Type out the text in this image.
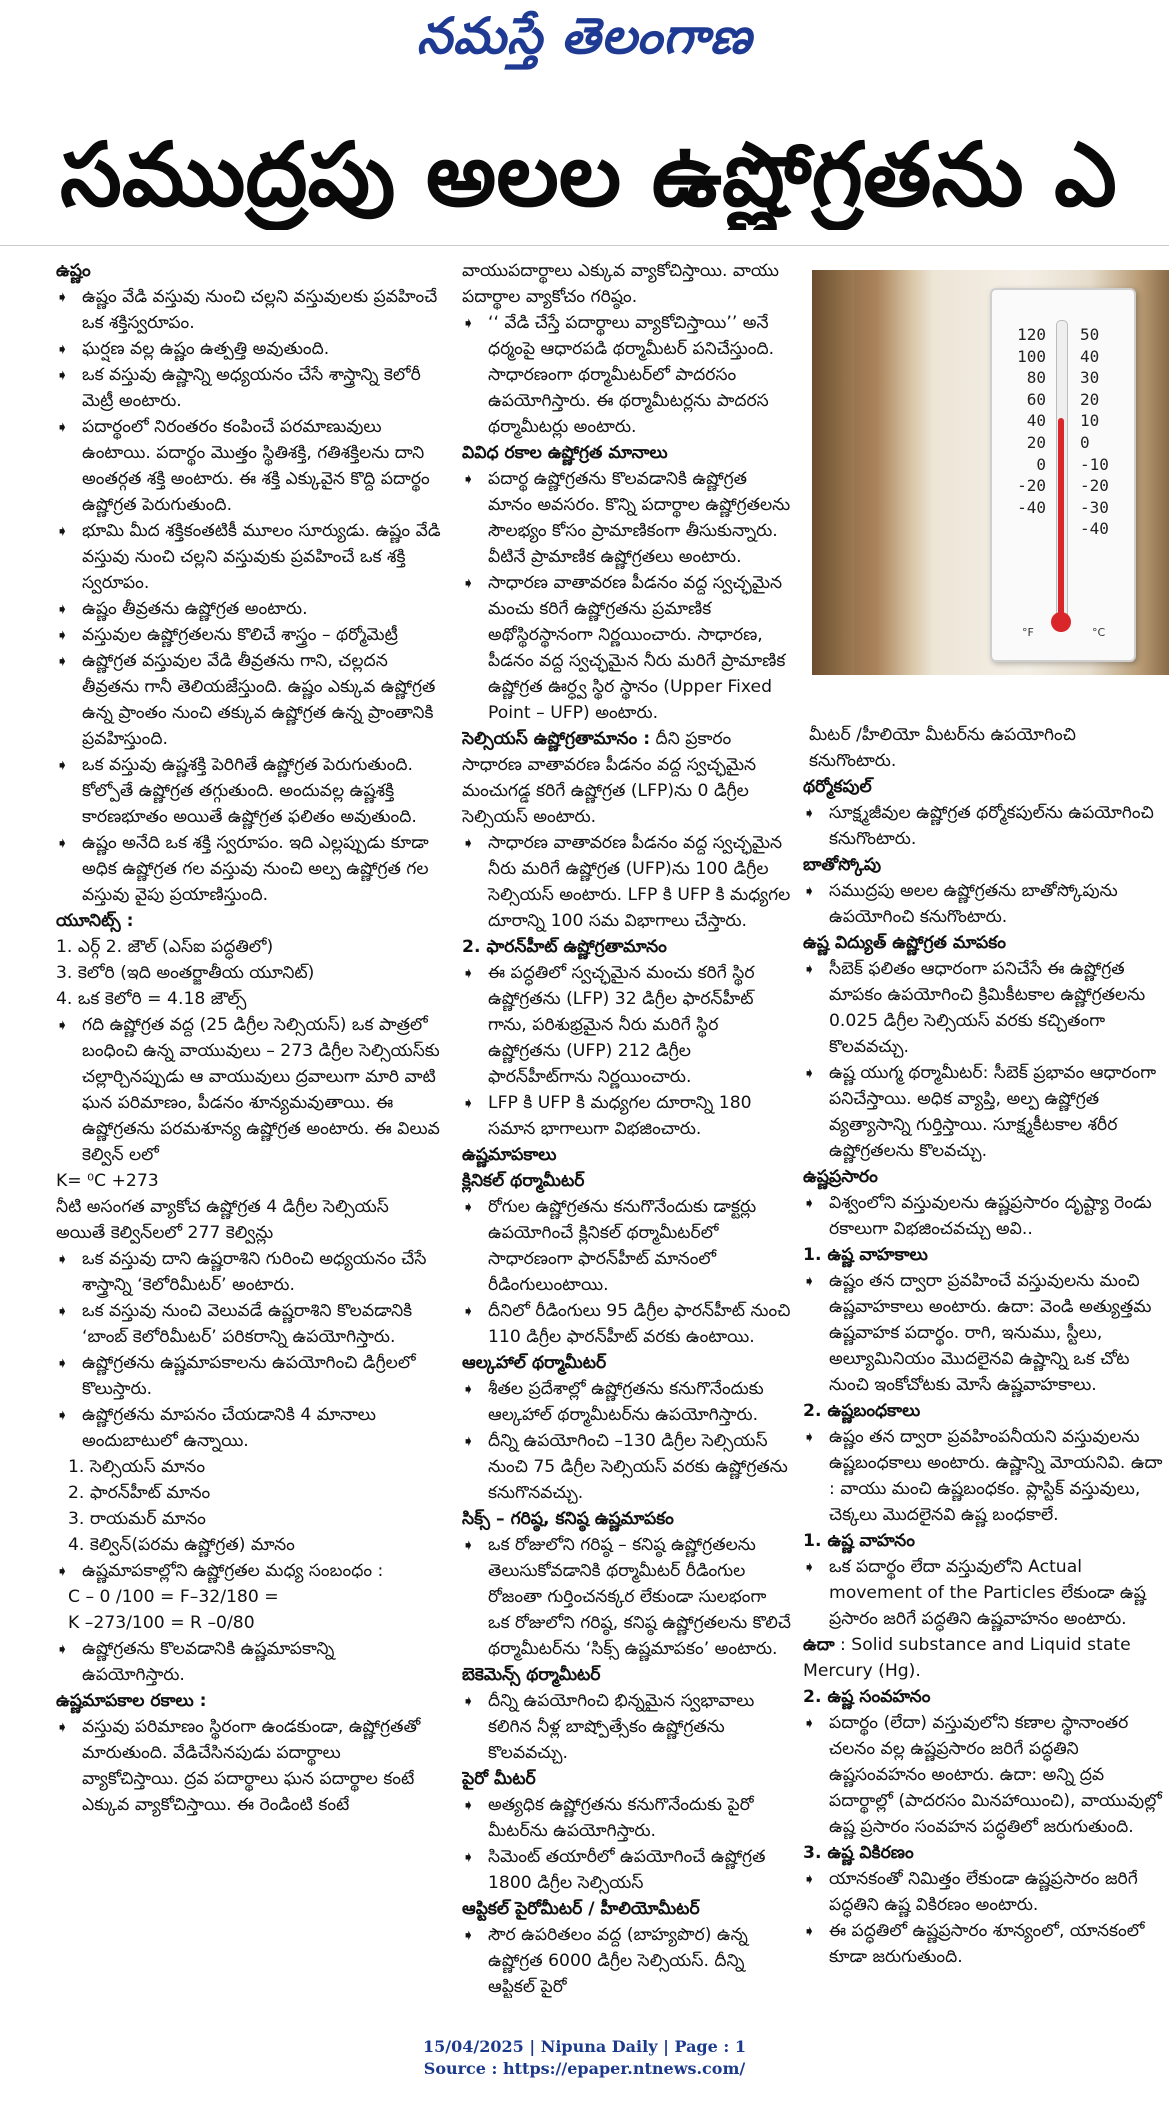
నమస్తే తెలంగాణ
సముద్రపు అలల ఉష్ణోగ్రతను ఎ
ఉష్ణం
➧ ఉష్ణం వేడి వస్తువు నుంచి చల్లని వస్తువులకు ప్రవహించే ఒక శక్తిస్వరూపం.
➧ ఘర్షణ వల్ల ఉష్ణం ఉత్పత్తి అవుతుంది.
➧ ఒక వస్తువు ఉష్ణాన్ని అధ్యయనం చేసే శాస్త్రాన్ని కెలోరీ మెట్రీ అంటారు.
➧ పదార్థంలో నిరంతరం కంపించే పరమాణువులు ఉంటాయి. పదార్థం మొత్తం స్థితిశక్తి, గతిశక్తిలను దాని అంతర్గత శక్తి అంటారు. ఈ శక్తి ఎక్కువైన కొద్ది పదార్థం ఉష్ణోగ్రత పెరుగుతుంది.
➧ భూమి మీద శక్తికంతటికీ మూలం సూర్యుడు. ఉష్ణం వేడి వస్తువు నుంచి చల్లని వస్తువుకు ప్రవహించే ఒక శక్తి స్వరూపం.
➧ ఉష్ణం తీవ్రతను ఉష్ణోగ్రత అంటారు.
➧ వస్తువుల ఉష్ణోగ్రతలను కొలిచే శాస్త్రం – థర్మోమెట్రీ
➧ ఉష్ణోగ్రత వస్తువుల వేడి తీవ్రతను గాని, చల్లదన తీవ్రతను గానీ తెలియజేస్తుంది. ఉష్ణం ఎక్కువ ఉష్ణోగ్రత ఉన్న ప్రాంతం నుంచి తక్కువ ఉష్ణోగ్రత ఉన్న ప్రాంతానికి ప్రవహిస్తుంది.
➧ ఒక వస్తువు ఉష్ణశక్తి పెరిగితే ఉష్ణోగ్రత పెరుగుతుంది. కోల్పోతే ఉష్ణోగ్రత తగ్గుతుంది. అందువల్ల ఉష్ణశక్తి కారణభూతం అయితే ఉష్ణోగ్రత ఫలితం అవుతుంది.
➧ ఉష్ణం అనేది ఒక శక్తి స్వరూపం. ఇది ఎల్లప్పుడు కూడా అధిక ఉష్ణోగ్రత గల వస్తువు నుంచి అల్ప ఉష్ణోగ్రత గల వస్తువు వైపు ప్రయాణిస్తుంది.
యూనిట్స్ :
1. ఎర్గ్ 2. జౌల్ (ఎస్ఐ పద్ధతిలో)
3. కెలోరి (ఇది అంతర్జాతీయ యూనిట్)
4. ఒక కెలోరి = 4.18 జౌల్స్
➧ గది ఉష్ణోగ్రత వద్ద (25 డిగ్రీల సెల్సియస్) ఒక పాత్రలో బంధించి ఉన్న వాయువులు – 273 డిగ్రీల సెల్సియస్‌కు చల్లార్చినప్పుడు ఆ వాయువులు ద్రవాలుగా మారి వాటి ఘన పరిమాణం, పీడనం శూన్యమవుతాయి. ఈ ఉష్ణోగ్రతను పరమశూన్య ఉష్ణోగ్రత అంటారు. ఈ విలువ కెల్విన్ లలో
K= ⁰C +273
నీటి అసంగత వ్యాకోచ ఉష్ణోగ్రత 4 డిగ్రీల సెల్సియస్ అయితే కెల్విన్‌లలో 277 కెల్విన్లు
➧ ఒక వస్తువు దాని ఉష్ణరాశిని గురించి అధ్యయనం చేసే శాస్త్రాన్ని ‘కెలోరిమీటర్’ అంటారు.
➧ ఒక వస్తువు నుంచి వెలువడే ఉష్ణరాశిని కొలవడానికి ‘బాంబ్ కెలోరిమీటర్’ పరికరాన్ని ఉపయోగిస్తారు.
➧ ఉష్ణోగ్రతను ఉష్ణమాపకాలను ఉపయోగించి డిగ్రీలలో కొలుస్తారు.
➧ ఉష్ణోగ్రతను మాపనం చేయడానికి 4 మానాలు అందుబాటులో ఉన్నాయి.
1. సెల్సియస్ మానం
2. ఫారన్‌హీట్ మానం
3. రాయమర్ మానం
4. కెల్విన్(పరమ ఉష్ణోగ్రత) మానం
➧ ఉష్ణమాపకాల్లోని ఉష్ణోగ్రతల మధ్య సంబంధం :
C – 0 /100 = F–32/180 =
K –273/100 = R –0/80
➧ ఉష్ణోగ్రతను కొలవడానికి ఉష్ణమాపకాన్ని ఉపయోగిస్తారు.
ఉష్ణమాపకాల రకాలు :
➧ వస్తువు పరిమాణం స్థిరంగా ఉండకుండా, ఉష్ణోగ్రతతో మారుతుంది. వేడిచేసినపుడు పదార్థాలు వ్యాకోచిస్తాయి. ద్రవ పదార్థాలు ఘన పదార్థాల కంటే ఎక్కువ వ్యాకోచిస్తాయి. ఈ రెండింటి కంటే
వాయుపదార్థాలు ఎక్కువ వ్యాకోచిస్తాయి. వాయు పదార్థాల వ్యాకోచం గరిష్ఠం.
➧ ‘‘ వేడి చేస్తే పదార్థాలు వ్యాకోచిస్తాయి’’ అనే ధర్మంపై ఆధారపడి థర్మామీటర్ పనిచేస్తుంది. సాధారణంగా థర్మామీటర్‌లో పాదరసం ఉపయోగిస్తారు. ఈ థర్మామీటర్లను పాదరస థర్మామీటర్లు అంటారు.
వివిధ రకాల ఉష్ణోగ్రత మానాలు
➧ పదార్థ ఉష్ణోగ్రతను కొలవడానికి ఉష్ణోగ్రత మానం అవసరం. కొన్ని పదార్థాల ఉష్ణోగ్రతలను సౌలభ్యం కోసం ప్రామాణికంగా తీసుకున్నారు. వీటినే ప్రామాణిక ఉష్ణోగ్రతలు అంటారు.
➧ సాధారణ వాతావరణ పీడనం వద్ద స్వచ్ఛమైన మంచు కరిగే ఉష్ణోగ్రతను ప్రమాణిక అథోస్థిరస్థానంగా నిర్ణయించారు. సాధారణ, పీడనం వద్ద స్వచ్ఛమైన నీరు మరిగే ప్రామాణిక ఉష్ణోగ్రత ఊర్ధ్వ స్థిర స్థానం (Upper Fixed Point – UFP) అంటారు.
సెల్సియస్ ఉష్ణోగ్రతామానం : దీని ప్రకారం సాధారణ వాతావరణ పీడనం వద్ద స్వచ్ఛమైన మంచుగడ్డ కరిగే ఉష్ణోగ్రత (LFP)ను 0 డిగ్రీల సెల్సియస్ అంటారు.
➧ సాధారణ వాతావరణ పీడనం వద్ద స్వచ్ఛమైన నీరు మరిగే ఉష్ణోగ్రత (UFP)ను 100 డిగ్రీల సెల్సియస్ అంటారు. LFP కి UFP కి మధ్యగల దూరాన్ని 100 సమ విభాగాలు చేస్తారు.
2. ఫారన్‌హీట్ ఉష్ణోగ్రతామానం
➧ ఈ పద్ధతిలో స్వచ్ఛమైన మంచు కరిగే స్థిర ఉష్ణోగ్రతను (LFP) 32 డిగ్రీల ఫారన్‌హీట్ గాను, పరిశుభ్రమైన నీరు మరిగే స్థిర ఉష్ణోగ్రతను (UFP) 212 డిగ్రీల ఫారన్‌హీట్‌గాను నిర్ణయించారు.
➧ LFP కి UFP కి మధ్యగల దూరాన్ని 180 సమాన భాగాలుగా విభజించారు.
ఉష్ణమాపకాలు
క్లినికల్ థర్మామీటర్
➧ రోగుల ఉష్ణోగ్రతను కనుగొనేందుకు డాక్టర్లు ఉపయోగించే క్లినికల్ థర్మామీటర్‌లో సాధారణంగా ఫారన్‌హీట్ మానంలో రీడింగులుంటాయి.
➧ దీనిలో రీడింగులు 95 డిగ్రీల ఫారన్‌హీట్ నుంచి 110 డిగ్రీల ఫారన్‌హీట్ వరకు ఉంటాయి.
ఆల్కహాల్ థర్మామీటర్
➧ శీతల ప్రదేశాల్లో ఉష్ణోగ్రతను కనుగొనేందుకు ఆల్కహాల్ థర్మామీటర్‌ను ఉపయోగిస్తారు.
➧ దీన్ని ఉపయోగించి –130 డిగ్రీల సెల్సియస్ నుంచి 75 డిగ్రీల సెల్సియస్ వరకు ఉష్ణోగ్రతను కనుగొనవచ్చు.
సిక్స్ – గరిష్ఠ, కనిష్ఠ ఉష్ణమాపకం
➧ ఒక రోజులోని గరిష్ఠ – కనిష్ఠ ఉష్ణోగ్రతలను తెలుసుకోవడానికి థర్మామీటర్ రీడింగుల రోజంతా గుర్తించనక్కర లేకుండా సులభంగా ఒక రోజులోని గరిష్ఠ, కనిష్ఠ ఉష్ణోగ్రతలను కొలిచే థర్మామీటర్‌ను ‘సిక్స్ ఉష్ణమాపకం’ అంటారు.
బెకెమెన్స్ థర్మామీటర్
➧ దీన్ని ఉపయోగించి భిన్నమైన స్వభావాలు కలిగిన నీళ్ల బాష్పోత్సేకం ఉష్ణోగ్రతను కొలవవచ్చు.
పైరో మీటర్
➧ అత్యధిక ఉష్ణోగ్రతను కనుగొనేందుకు పైరో మీటర్‌ను ఉపయోగిస్తారు.
➧ సిమెంట్ తయారీలో ఉపయోగించే ఉష్ణోగ్రత 1800 డిగ్రీల సెల్సియస్
ఆప్టికల్ పైరోమీటర్ / హీలియోమీటర్
➧ సౌర ఉపరితలం వద్ద (బాహ్యపొర) ఉన్న ఉష్ణోగ్రత 6000 డిగ్రీల సెల్సియస్. దీన్ని ఆప్టికల్ పైరో
120
100
80
60
40
20
0
-20
-40
50
40
30
20
10
0
-10
-20
-30
-40
°F	°C
మీటర్ /హీలియో మీటర్‌ను ఉపయోగించి కనుగొంటారు.
థర్మోకపుల్
➧ సూక్ష్మజీవుల ఉష్ణోగ్రత థర్మోకపుల్‌ను ఉపయోగించి కనుగొంటారు.
బాతోస్కోపు
➧ సముద్రపు అలల ఉష్ణోగ్రతను బాతోస్కోపును ఉపయోగించి కనుగొంటారు.
ఉష్ణ విద్యుత్ ఉష్ణోగ్రత మాపకం
➧ సీబెక్ ఫలితం ఆధారంగా పనిచేసే ఈ ఉష్ణోగ్రత మాపకం ఉపయోగించి క్రిమికీటకాల ఉష్ణోగ్రతలను 0.025 డిగ్రీల సెల్సియస్ వరకు కచ్చితంగా కొలవవచ్చు.
➧ ఉష్ణ యుగ్మ థర్మామీటర్: సీబెక్ ప్రభావం ఆధారంగా పనిచేస్తాయి. అధిక వ్యాప్తి, అల్ప ఉష్ణోగ్రత వ్యత్యాసాన్ని గుర్తిస్తాయి. సూక్ష్మకీటకాల శరీర ఉష్ణోగ్రతలను కొలవచ్చు.
ఉష్ణప్రసారం
➧ విశ్వంలోని వస్తువులను ఉష్ణప్రసారం దృష్ట్యా రెండు రకాలుగా విభజించవచ్చు అవి..
1. ఉష్ణ వాహకాలు
➧ ఉష్ణం తన ద్వారా ప్రవహించే వస్తువులను మంచి ఉష్ణవాహకాలు అంటారు. ఉదా: వెండి అత్యుత్తమ ఉష్ణవాహక పదార్థం. రాగి, ఇనుము, స్టీలు, అల్యూమినియం మొదలైనవి ఉష్ణాన్ని ఒక చోట నుంచి ఇంకోచోటకు మోసే ఉష్ణవాహకాలు.
2. ఉష్ణబంధకాలు
➧ ఉష్ణం తన ద్వారా ప్రవహింపనీయని వస్తువులను ఉష్ణబంధకాలు అంటారు. ఉష్ణాన్ని మోయనివి. ఉదా : వాయు మంచి ఉష్ణబంధకం. ప్లాస్టిక్ వస్తువులు, చెక్కలు మొదలైనవి ఉష్ణ బంధకాలే.
1. ఉష్ణ వాహనం
➧ ఒక పదార్థం లేదా వస్తువులోని Actual movement of the Particles లేకుండా ఉష్ణ ప్రసారం జరిగే పద్ధతిని ఉష్ణవాహనం అంటారు.
ఉదా : Solid substance and Liquid state Mercury (Hg).
2. ఉష్ణ సంవహనం
➧ పదార్థం (లేదా) వస్తువులోని కణాల స్థానాంతర చలనం వల్ల ఉష్ణప్రసారం జరిగే పద్ధతిని ఉష్ణసంవహనం అంటారు. ఉదా: అన్ని ద్రవ పదార్థాల్లో (పాదరసం మినహాయించి), వాయువుల్లో ఉష్ణ ప్రసారం సంవహన పద్ధతిలో జరుగుతుంది.
3. ఉష్ణ వికిరణం
➧ యానకంతో నిమిత్తం లేకుండా ఉష్ణప్రసారం జరిగే పద్ధతిని ఉష్ణ వికిరణం అంటారు.
➧ ఈ పద్ధతిలో ఉష్ణప్రసారం శూన్యంలో, యానకంలో కూడా జరుగుతుంది.
15/04/2025 | Nipuna Daily | Page : 1
Source : https://epaper.ntnews.com/
